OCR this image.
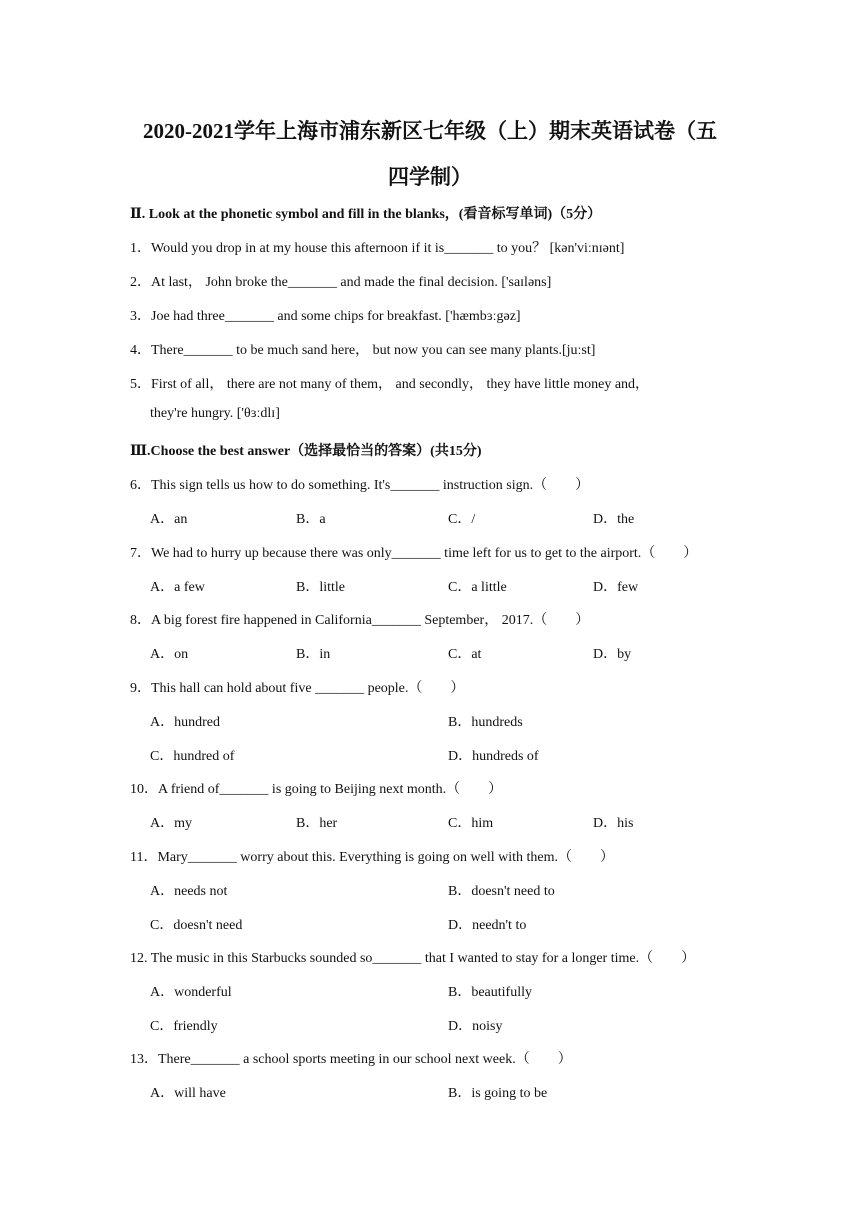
2020-2021学年上海市浦东新区七年级（上）期末英语试卷（五
四学制）
Ⅱ. Look at the phonetic symbol and fill in the blanks，(看音标写单词)（5分）
1．Would you drop in at my house this afternoon if it is_______ to you？ [kən'viːnɪənt]
2．At last， John broke the_______ and made the final decision. ['saɪləns]
3．Joe had three_______ and some chips for breakfast. ['hæmbɜːgəz]
4．There_______ to be much sand here， but now you can see many plants.[juːst]
5．First of all， there are not many of them， and secondly， they have little money and，
they're hungry. ['θɜːdlɪ]
Ⅲ.Choose the best answer（选择最恰当的答案）(共15分)
6．This sign tells us how to do something. It's_______ instruction sign.（　　）
A．an	B．a	C．/	D．the
7．We had to hurry up because there was only_______ time left for us to get to the airport.（　　）
A．a few	B．little	C．a little	D．few
8．A big forest fire happened in California_______ September， 2017.（　　）
A．on	B．in	C．at	D．by
9．This hall can hold about five _______ people.（　　）
A．hundred	B．hundreds
C．hundred of	D．hundreds of
10．A friend of_______ is going to Beijing next month.（　　）
A．my	B．her	C．him	D．his
11．Mary_______ worry about this. Everything is going on well with them.（　　）
A．needs not	B．doesn't need to
C．doesn't need	D．needn't to
12. The music in this Starbucks sounded so_______ that I wanted to stay for a longer time.（　　）
A．wonderful	B．beautifully
C．friendly	D．noisy
13．There_______ a school sports meeting in our school next week.（　　）
A．will have	B．is going to be
